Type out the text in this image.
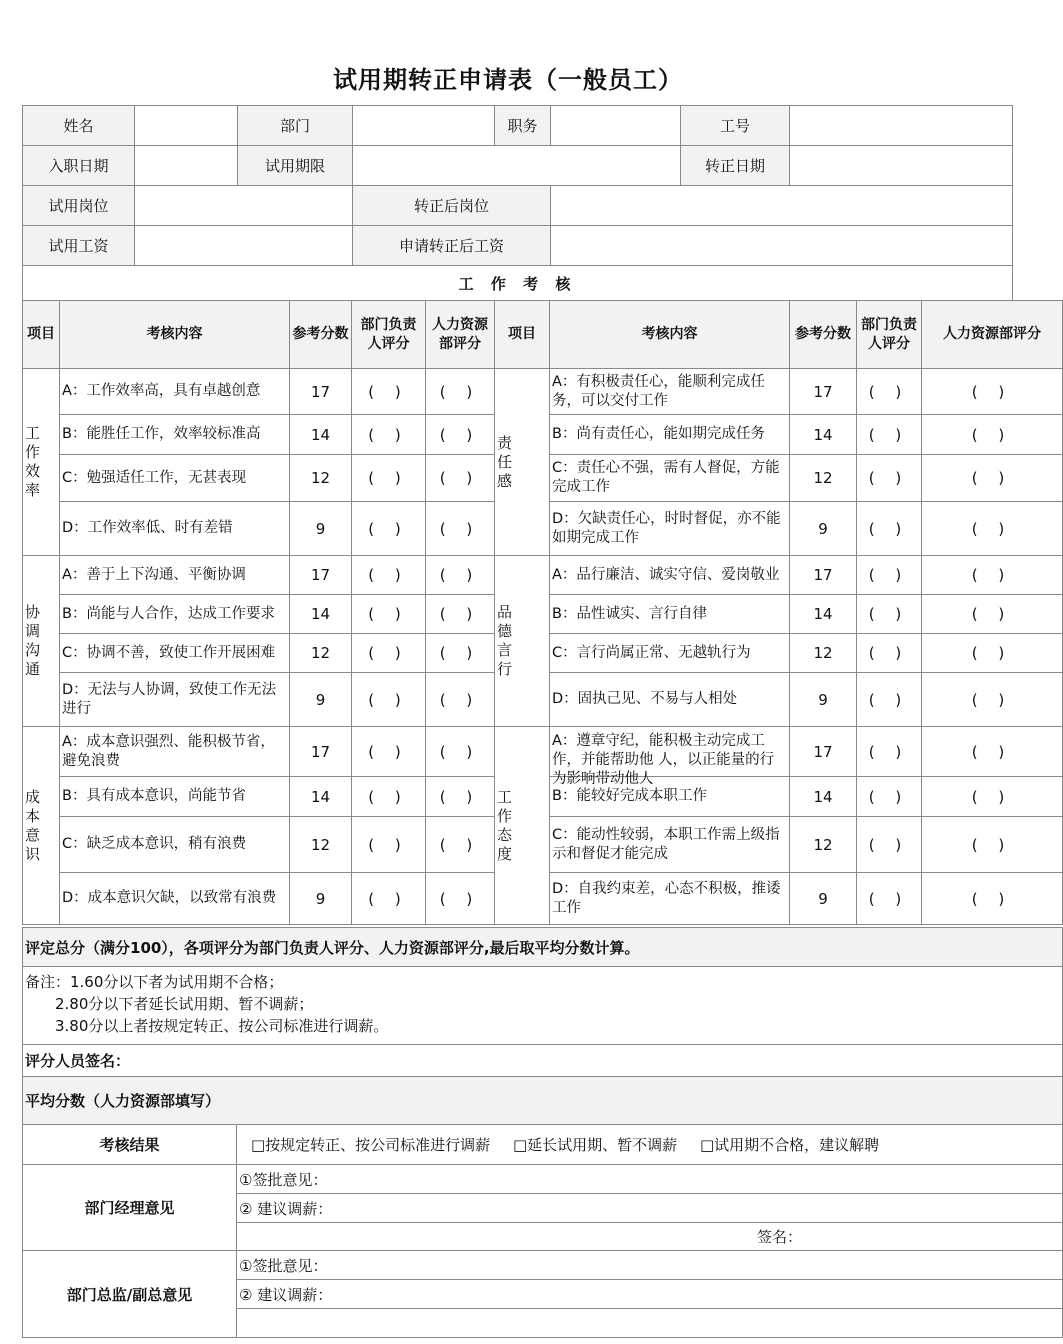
试用期转正申请表（一般员工）
姓名		部门		职务		工号	
入职日期		试用期限				转正日期	
试用岗位			转正后岗位				
试用工资			申请转正后工资				
工 作 考 核							
项目	考核内容	参考分数	部门负责人评分	人力资源部评分	项目	考核内容	参考分数	部门负责人评分	人力资源部评分

工作效率	A：工作效率高，具有卓越创意	17	( )	( )	责任感	A：有积极责任心，能顺利完成任务，可以交付工作	17	( )	( )

	B：能胜任工作，效率较标准高	14	( )	( )		B：尚有责任心，能如期完成任务	14	( )	( )

	C：勉强适任工作，无甚表现	12	( )	( )		C：责任心不强，需有人督促，方能完成工作	12	( )	( )

	D：工作效率低、时有差错	9	( )	( )		D：欠缺责任心，时时督促，亦不能如期完成工作	9	( )	( )

协调沟通	A：善于上下沟通、平衡协调	17	( )	( )	品德言行	A：品行廉洁、诚实守信、爱岗敬业	17	( )	( )

	B：尚能与人合作，达成工作要求	14	( )	( )		B：品性诚实、言行自律	14	( )	( )

	C：协调不善，致使工作开展困难	12	( )	( )		C：言行尚属正常、无越轨行为	12	( )	( )

	D：无法与人协调，致使工作无法进行	9	( )	( )		D：固执己见、不易与人相处	9	( )	( )

成本意识	A：成本意识强烈、能积极节省，避免浪费	17	( )	( )	工作态度	A：遵章守纪，能积极主动完成工作，并能帮助他 人，以正能量的行为影响带动他人	17	( )	( )

	B：具有成本意识，尚能节省	14	( )	( )		B：能较好完成本职工作	14	( )	( )

	C：缺乏成本意识，稍有浪费	12	( )	( )		C：能动性较弱，本职工作需上级指示和督促才能完成	12	( )	( )

	D：成本意识欠缺，以致常有浪费	9	( )	( )		D：自我约束差，心态不积极，推诿工作	9	( )	( )
评定总分（满分100），各项评分为部门负责人评分、人力资源部评分,最后取平均分数计算。	

备注：1.60分以下者为试用期不合格；
2.80分以下者延长试用期、暂不调薪；
3.80分以上者按规定转正、按公司标准进行调薪。	

评分人员签名：	
平均分数（人力资源部填写）	
考核结果	□按规定转正、按公司标准进行调薪 □延长试用期、暂不调薪 □试用期不合格，建议解聘
部门经理意见	①签批意见：
	② 建议调薪：
	签名：
部门总监/副总意见	①签批意见：
	② 建议调薪：
